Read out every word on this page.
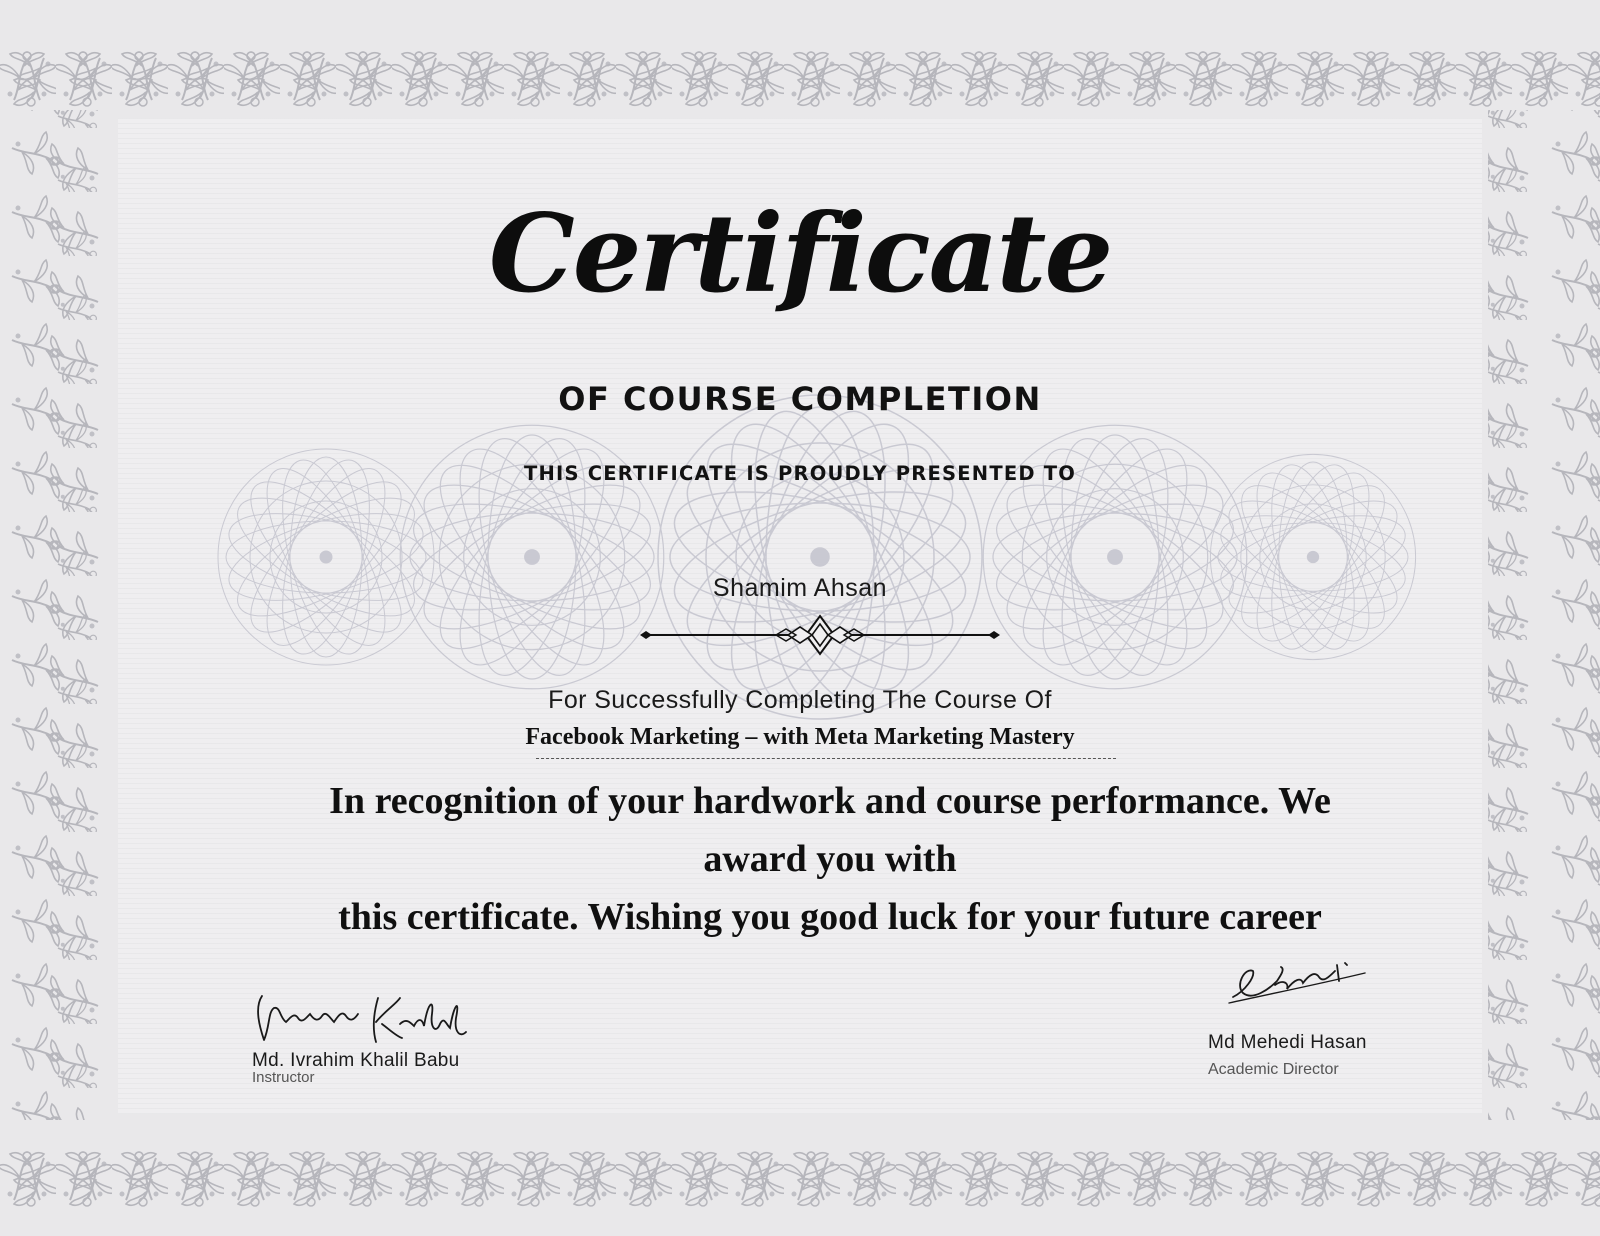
Certificate
OF COURSE COMPLETION
THIS CERTIFICATE IS PROUDLY PRESENTED TO
Shamim Ahsan
For Successfully Completing The Course Of
Facebook Marketing – with Meta Marketing Mastery
In recognition of your hardwork and course performance. We award you with
this certificate. Wishing you good luck for your future career
Md. Ivrahim Khalil Babu
Instructor
Md Mehedi Hasan
Academic Director
